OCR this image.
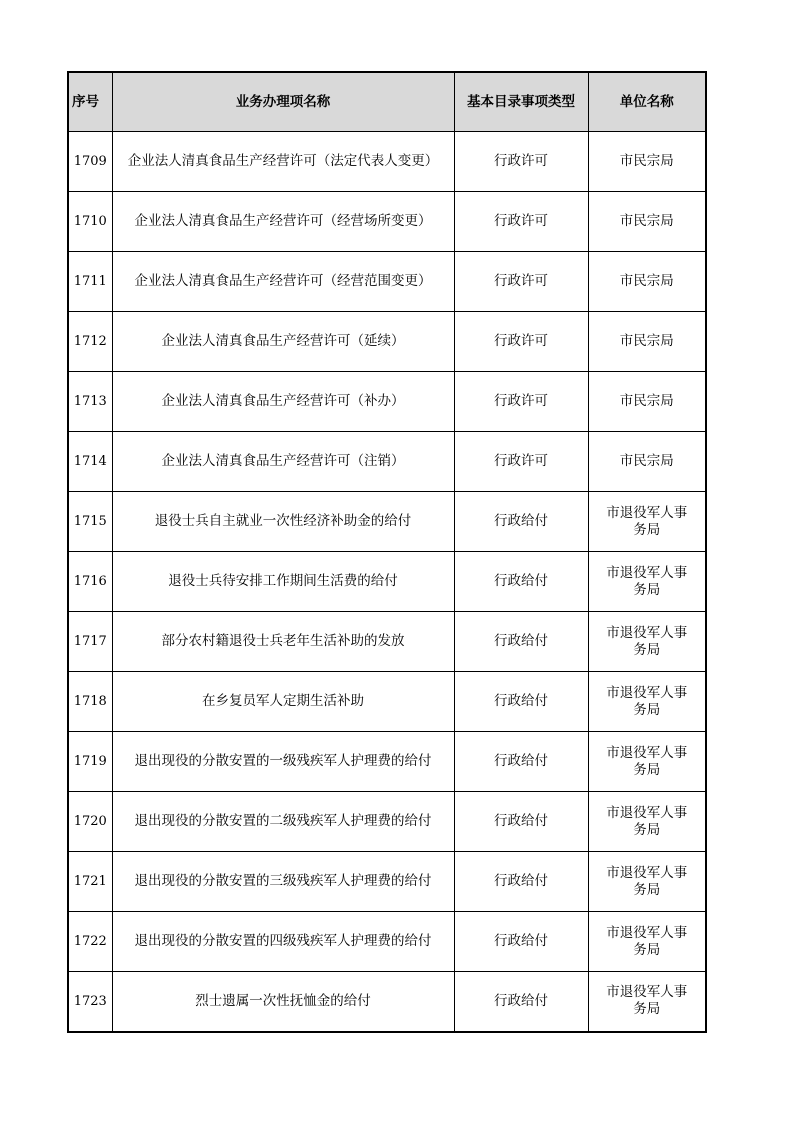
序号	业务办理项名称	基本目录事项类型	单位名称
1709	企业法人清真食品生产经营许可（法定代表人变更）	行政许可	市民宗局
1710	企业法人清真食品生产经营许可（经营场所变更）	行政许可	市民宗局
1711	企业法人清真食品生产经营许可（经营范围变更）	行政许可	市民宗局
1712	企业法人清真食品生产经营许可（延续）	行政许可	市民宗局
1713	企业法人清真食品生产经营许可（补办）	行政许可	市民宗局
1714	企业法人清真食品生产经营许可（注销）	行政许可	市民宗局
1715	退役士兵自主就业一次性经济补助金的给付	行政给付	市退役军人事务局
1716	退役士兵待安排工作期间生活费的给付	行政给付	市退役军人事务局
1717	部分农村籍退役士兵老年生活补助的发放	行政给付	市退役军人事务局
1718	在乡复员军人定期生活补助	行政给付	市退役军人事务局
1719	退出现役的分散安置的一级残疾军人护理费的给付	行政给付	市退役军人事务局
1720	退出现役的分散安置的二级残疾军人护理费的给付	行政给付	市退役军人事务局
1721	退出现役的分散安置的三级残疾军人护理费的给付	行政给付	市退役军人事务局
1722	退出现役的分散安置的四级残疾军人护理费的给付	行政给付	市退役军人事务局
1723	烈士遗属一次性抚恤金的给付	行政给付	市退役军人事务局
